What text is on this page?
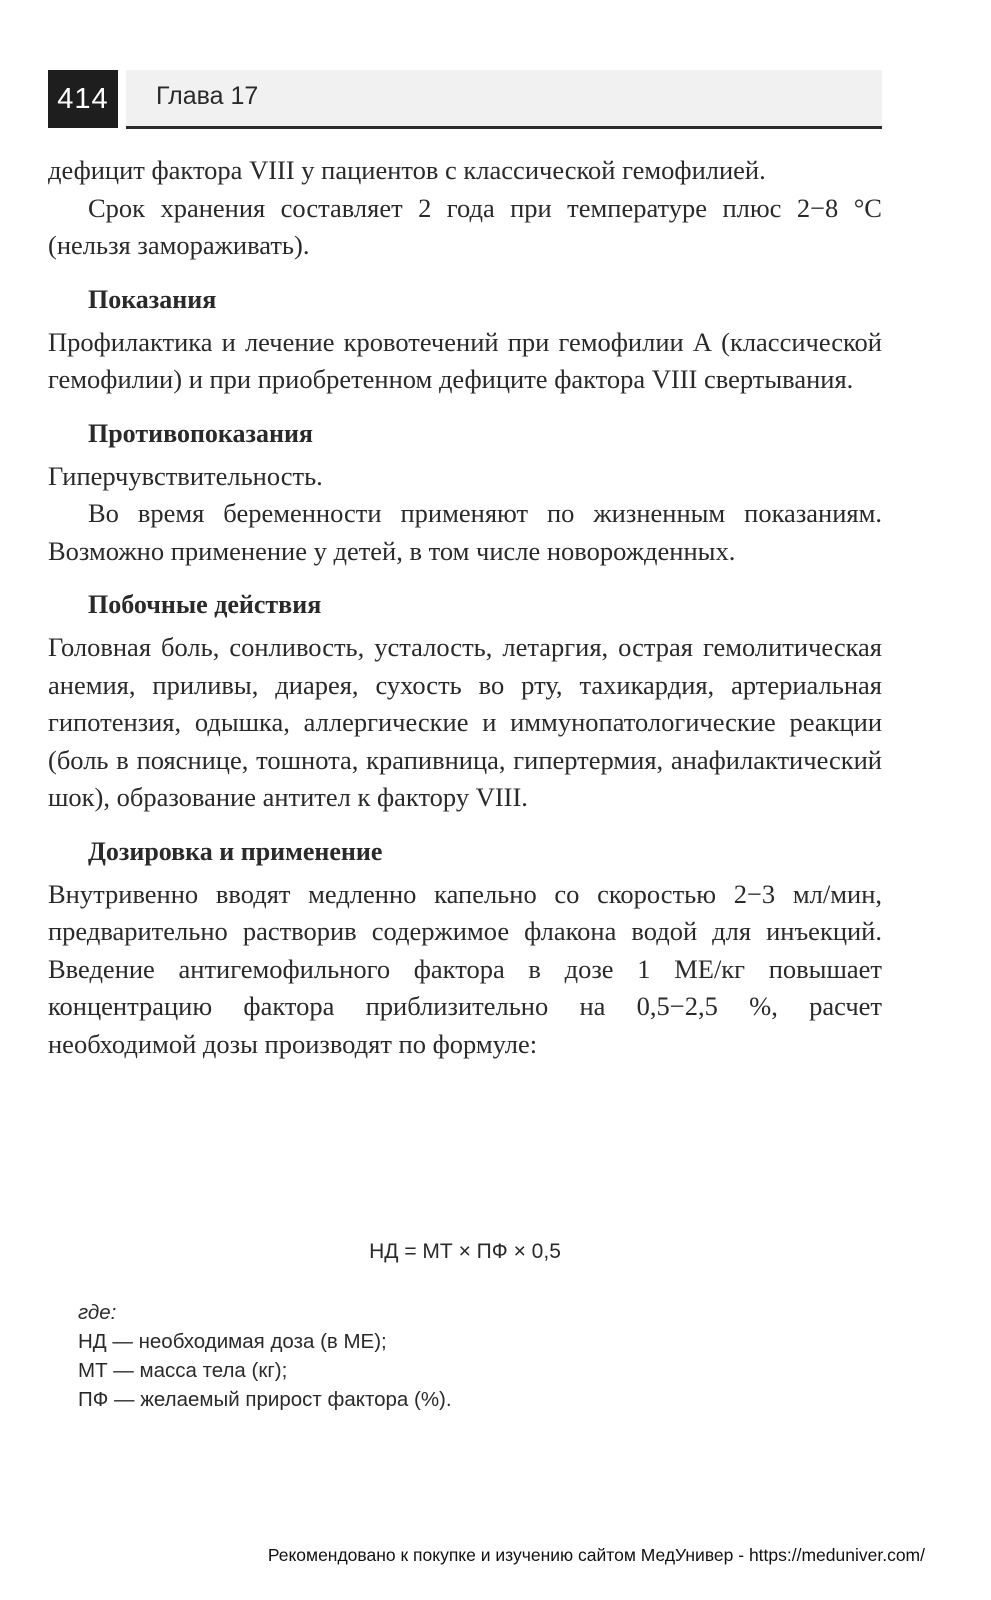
414	Глава 17

дефицит фактора VIII у пациентов с классической гемофилией.

Срок хранения составляет 2 года при температуре плюс 2−8 °С (нельзя замораживать).

Показания

Профилактика и лечение кровотечений при гемофилии А (классической гемофилии) и при приобретенном дефиците фактора VIII свертывания.

Противопоказания

Гиперчувствительность.

Во время беременности применяют по жизненным показаниям. Возможно применение у детей, в том числе новорожденных.

Побочные действия

Головная боль, сонливость, усталость, летаргия, острая гемолитическая анемия, приливы, диарея, сухость во рту, тахикардия, артериальная гипотензия, одышка, аллергические и иммунопатологические реакции (боль в пояснице, тошнота, крапивница, гипертермия, анафилактический шок), образование антител к фактору VIII.

Дозировка и применение

Внутривенно вводят медленно капельно со скоростью 2−3 мл/мин, предварительно растворив содержимое флакона водой для инъекций. Введение антигемофильного фактора в дозе 1 МЕ/кг повышает концентрацию фактора приблизительно на 0,5−2,5 %, расчет необходимой дозы производят по формуле:

НД = МТ × ПФ × 0,5
где:
НД — необходимая доза (в МЕ);
МТ — масса тела (кг);
ПФ — желаемый прирост фактора (%).
Рекомендовано к покупке и изучению сайтом МедУнивер - https://meduniver.com/
